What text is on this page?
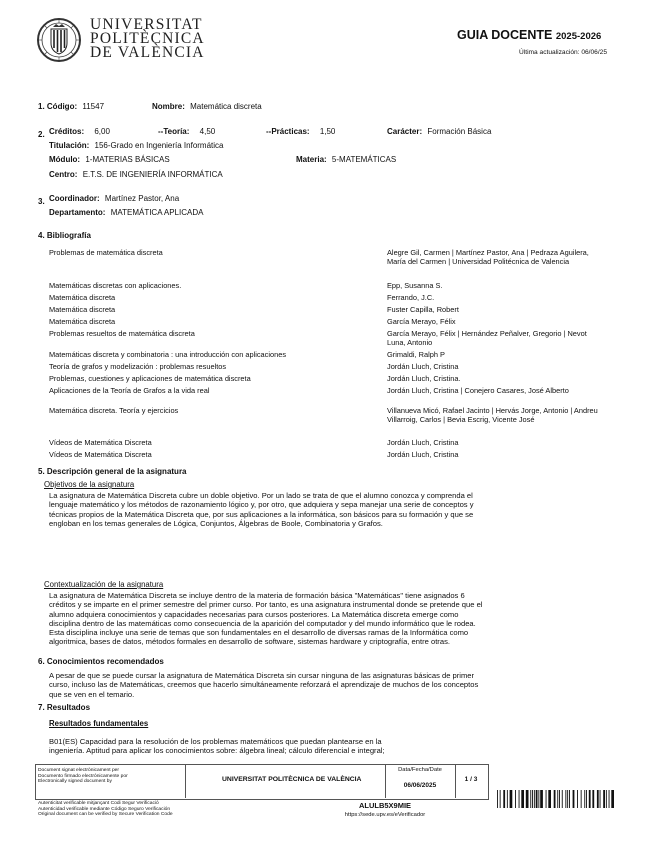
UNIVERSITAT
POLITÈCNICA
DE VALÈNCIA
GUIA DOCENTE 2025-2026
Última actualización: 06/06/25
1. Código: 11547	Nombre: Matemática discreta
2. Créditos: 6,00	--Teoría: 4,50	--Prácticas: 1,50	Carácter: Formación Básica
Titulación: 156-Grado en Ingeniería Informática
Módulo: 1-MATERIAS BÁSICAS	Materia: 5-MATEMÁTICAS
Centro: E.T.S. DE INGENIERÍA INFORMÁTICA
3. Coordinador: Martínez Pastor, Ana
Departamento: MATEMÁTICA APLICADA
4. Bibliografía
Problemas de matemática discreta	Alegre Gil, Carmen | Martínez Pastor, Ana | Pedraza Aguilera, María del Carmen | Universidad Politécnica de Valencia
Matemáticas discretas con aplicaciones.	Epp, Susanna S.
Matemática discreta	Ferrando, J.C.
Matemática discreta	Fuster Capilla, Robert
Matemática discreta	García Merayo, Félix
Problemas resueltos de matemática discreta	García Merayo, Félix | Hernández Peñalver, Gregorio | Nevot Luna, Antonio
Matemáticas discreta y combinatoria : una introducción con aplicaciones	Grimaldi, Ralph P
Teoría de grafos y modelización : problemas resueltos	Jordán Lluch, Cristina
Problemas, cuestiones y aplicaciones de matemática discreta	Jordán Lluch, Cristina.
Aplicaciones de la Teoría de Grafos a la vida real	Jordán Lluch, Cristina | Conejero Casares, José Alberto
Matemática discreta. Teoría y ejercicios	Villanueva Micó, Rafael Jacinto | Hervás Jorge, Antonio | Andreu Villarroig, Carlos | Bevia Escrig, Vicente José
Vídeos de Matemática Discreta	Jordán Lluch, Cristina
Vídeos de Matemática Discreta	Jordán Lluch, Cristina
5. Descripción general de la asignatura
Objetivos de la asignatura
La asignatura de Matemática Discreta cubre un doble objetivo. Por un lado se trata de que el alumno conozca y comprenda el
lenguaje matemático y los métodos de razonamiento lógico y, por otro, que adquiera y sepa manejar una serie de conceptos y
técnicas propios de la Matemática Discreta que, por sus aplicaciones a la informática, son básicos para su formación y que se
engloban en los temas generales de Lógica, Conjuntos, Álgebras de Boole, Combinatoria y Grafos.
Contextualización de la asignatura
La asignatura de Matemática Discreta se incluye dentro de la materia de formación básica "Matemáticas" tiene asignados 6
créditos y se imparte en el primer semestre del primer curso. Por tanto, es una asignatura instrumental donde se pretende que el
alumno adquiera conocimientos y capacidades necesarias para cursos posteriores. La Matemática discreta emerge como
disciplina dentro de las matemáticas como consecuencia de la aparición del computador y del mundo informático que le rodea.
Esta disciplina incluye una serie de temas que son fundamentales en el desarrollo de diversas ramas de la Informática como
algoritmica, bases de datos, métodos formales en desarrollo de software, sistemas hardware y criptografía, entre otras.
6. Conocimientos recomendados
A pesar de que se puede cursar la asignatura de Matemática Discreta sin cursar ninguna de las asignaturas básicas de primer
curso, incluso las de Matemáticas, creemos que hacerlo simultáneamente reforzará el aprendizaje de muchos de los conceptos
que se ven en el temario.
7. Resultados
Resultados fundamentales
B01(ES) Capacidad para la resolución de los problemas matemáticos que puedan plantearse en la
ingeniería. Aptitud para aplicar los conocimientos sobre: álgebra lineal; cálculo diferencial e integral;
Document signat electrònicament per
Documento firmado electrónicamente por
Electronically signed document by	UNIVERSITAT POLITÈCNICA DE VALÈNCIA
Data/Fecha/Date
06/06/2025
1 / 3
Autenticitat verificable mitjançant Codi Segur Verificació
Autenticidad verificable mediante Código Seguro Verificación
Original document can be verified by Secure Verification Code
ALULB5X9MIE
https://sede.upv.es/eVerificador
